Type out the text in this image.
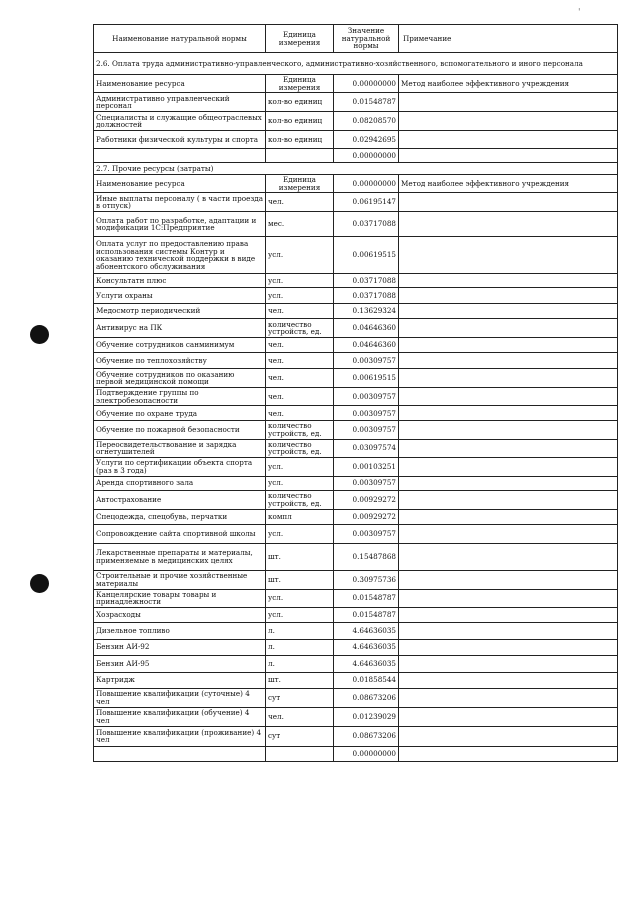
'
Наименование натуральной нормы	Единица измерения	Значение натуральной нормы	Примечание
2.6. Оплата труда административно-управленческого, административно-хозяйственного, вспомогательного и иного персонала			
Наименование ресурса	Единица измерения	0.00000000	Метод наиболее эффективного учреждения
Административно управленческий персонал	кол-во единиц	0.01548787	
Специалисты и служащие общеотраслевых должностей	кол-во единиц	0.08208570	
Работники физической культуры и спорта	кол-во единиц	0.02942695	
		0.00000000	
2.7. Прочие ресурсы (затраты)			
Наименование ресурса	Единица измерения	0.00000000	Метод наиболее эффективного учреждения
Иные выплаты персоналу ( в части проезда в отпуск)	чел.	0.06195147	
Оплата работ по разработке, адаптации и модификации 1С:Предприятие	мес.	0.03717088	
Оплата услуг по предоставлению права использования системы Контур и оказанию технической поддержки в виде абонентского обслуживания	усл.	0.00619515	
Консультатн плюс	усл.	0.03717088	
Услуги охраны	усл.	0.03717088	
Медосмотр периодический	чел.	0.13629324	
Антивирус на ПК	количество устройств, ед.	0.04646360	
Обучение сотрудников санминимум	чел.	0.04646360	
Обучение по теплохозяйству	чел.	0.00309757	
Обучение сотрудников по оказанию первой медицинской помощи	чел.	0.00619515	
Подтверждение группы по электробезопасности	чел.	0.00309757	
Обучение по охране труда	чел.	0.00309757	
Обучение по пожарной безопасности	количество устройств, ед.	0.00309757	
Переосвидетельствование и зарядка огнетушителей	количество устройств, ед.	0.03097574	
Услуги по сертификации объекта спорта (раз в 3 года)	усл.	0.00103251	
Аренда спортивного зала	усл.	0.00309757	
Автострахование	количество устройств, ед.	0.00929272	
Спецодежда, спецобувь, перчатки	компл	0.00929272	
Сопровождение сайта спортивной школы	усл.	0.00309757	
Лекарственные препараты и материалы, применяемые в медицинских целях	шт.	0.15487868	
Строительные и прочие хозяйственные материалы	шт.	0.30975736	
Канцелярские товары товары и принадлежности	усл.	0.01548787	
Хозрасходы	усл.	0.01548787	
Дизельное топливо	л.	4.64636035	
Бензин АИ-92	л.	4.64636035	
Бензин АИ-95	л.	4.64636035	
Картридж	шт.	0.01858544	
Повышение квалификации (суточные) 4 чел	сут	0.08673206	
Повышение квалификации (обучение) 4 чел	чел.	0.01239029	
Повышение квалификации (проживание) 4 чел	сут	0.08673206	
		0.00000000	
